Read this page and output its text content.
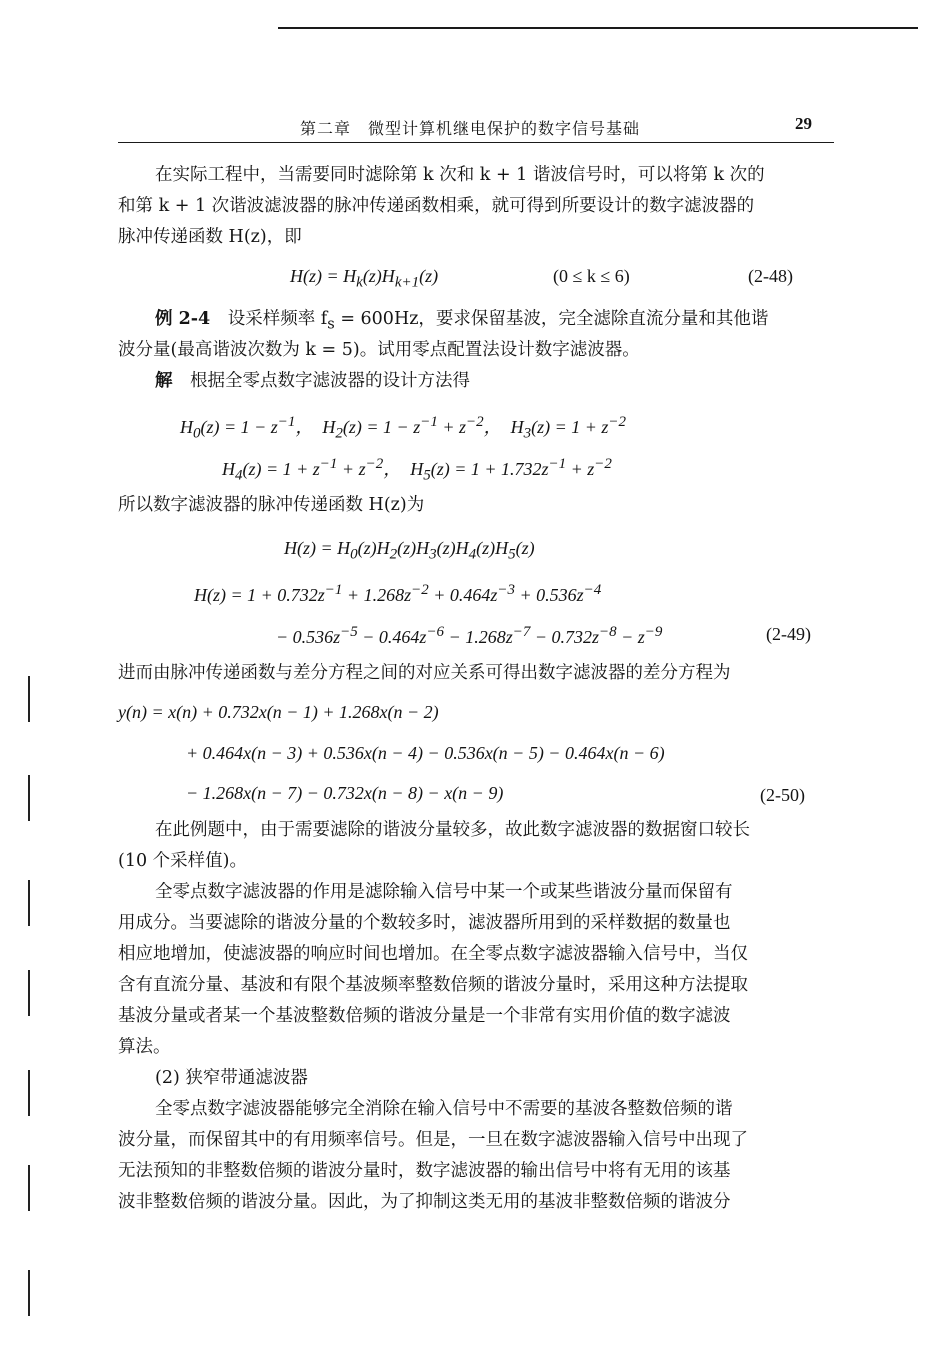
第二章　微型计算机继电保护的数字信号基础	29
在实际工程中，当需要同时滤除第 k 次和 k + 1 谐波信号时，可以将第 k 次的
和第 k + 1 次谐波滤波器的脉冲传递函数相乘，就可得到所要设计的数字滤波器的
脉冲传递函数 H(z)，即
$H(z) = H_k(z)H_{k+1}(z)$	(0 ≤ k ≤ 6)	(2-48)
例 2-4　设采样频率 $f_s = 600Hz$，要求保留基波，完全滤除直流分量和其他谐
波分量(最高谐波次数为 k = 5)。试用零点配置法设计数字滤波器。
解　根据全零点数字滤波器的设计方法得
$H_0(z) = 1 - z^{-1}$，　$H_2(z) = 1 - z^{-1} + z^{-2}$，　$H_3(z) = 1 + z^{-2}$
$H_4(z) = 1 + z^{-1} + z^{-2}$，　$H_5(z) = 1 + 1.732z^{-1} + z^{-2}$
所以数字滤波器的脉冲传递函数 H(z)为
$H(z) = H_0(z)H_2(z)H_3(z)H_4(z)H_5(z)$
$H(z) = 1 + 0.732z^{-1} + 1.268z^{-2} + 0.464z^{-3} + 0.536z^{-4}$
− $0.536z^{-5} - 0.464z^{-6} - 1.268z^{-7} - 0.732z^{-8} - z^{-9}$	(2-49)
进而由脉冲传递函数与差分方程之间的对应关系可得出数字滤波器的差分方程为
y(n) = x(n) + 0.732x(n − 1) + 1.268x(n − 2)
+ 0.464x(n − 3) + 0.536x(n − 4) − 0.536x(n − 5) − 0.464x(n − 6)
− 1.268x(n − 7) − 0.732x(n − 8) − x(n − 9)	(2-50)
在此例题中，由于需要滤除的谐波分量较多，故此数字滤波器的数据窗口较长
(10 个采样值)。
全零点数字滤波器的作用是滤除输入信号中某一个或某些谐波分量而保留有
用成分。当要滤除的谐波分量的个数较多时，滤波器所用到的采样数据的数量也
相应地增加，使滤波器的响应时间也增加。在全零点数字滤波器输入信号中，当仅
含有直流分量、基波和有限个基波频率整数倍频的谐波分量时，采用这种方法提取
基波分量或者某一个基波整数倍频的谐波分量是一个非常有实用价值的数字滤波
算法。
(2) 狭窄带通滤波器
全零点数字滤波器能够完全消除在输入信号中不需要的基波各整数倍频的谐
波分量，而保留其中的有用频率信号。但是，一旦在数字滤波器输入信号中出现了
无法预知的非整数倍频的谐波分量时，数字滤波器的输出信号中将有无用的该基
波非整数倍频的谐波分量。因此，为了抑制这类无用的基波非整数倍频的谐波分
